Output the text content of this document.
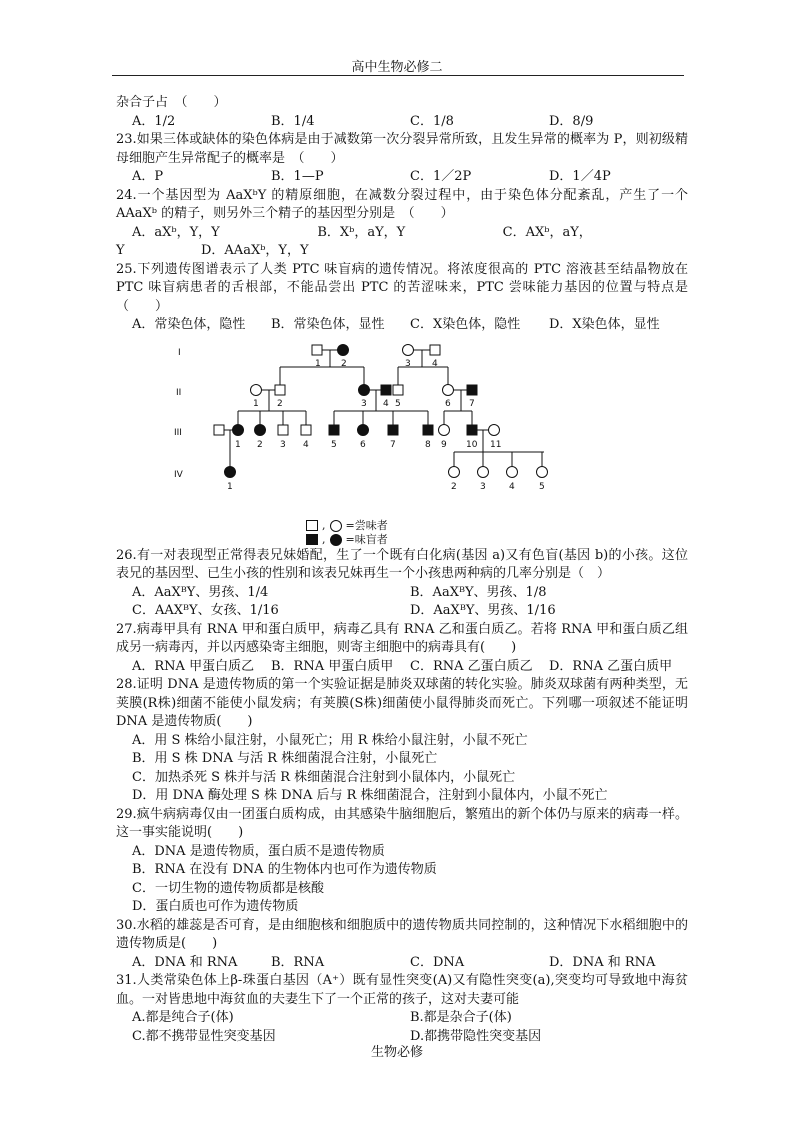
高中生物必修二

杂合子占　（　　）

A．1/2	B．1/4	C．1/8	D．8/9

23.如果三体或缺体的染色体病是由于减数第一次分裂异常所致，且发生异常的概率为 P，则初级精母细胞产生异常配子的概率是　（　　）

A．P	B．1—P	C．1／2P	D．1／4P

24.一个基因型为 AaXᵇY 的精原细胞，在减数分裂过程中，由于染色体分配紊乱，产生了一个 AAaXᵇ 的精子，则另外三个精子的基因型分别是　（　　）

A．aXᵇ，Y，Y	B．Xᵇ，aY，Y	C．AXᵇ，aY，
Y	D．AAaXᵇ，Y，Y

25.下列遗传图谱表示了人类 PTC 味盲病的遗传情况。将浓度很高的 PTC 溶液甚至结晶物放在 PTC 味盲病患者的舌根部，不能品尝出 PTC 的苦涩味来，PTC 尝味能力基因的位置与特点是（　　）

A．常染色体，隐性	B．常染色体，显性	C．X染色体，隐性	D．X染色体，显性
I
II
III
IV
1 2	3 4
1 2	3 4 5	6 7
1 2 3 4 5	6	7	8 9 10 11
1	2	3	4	5
, =尝味者
, =味盲者

26.有一对表现型正常得表兄妹婚配，生了一个既有白化病(基因 a)又有色盲(基因 b)的小孩。这位表兄的基因型、已生小孩的性别和该表兄妹再生一个小孩患两种病的几率分别是（　）

A．AaXᴮY、男孩、1/4	B．AaXᴮY、男孩、1/8
C．AAXᴮY、女孩、1/16	D．AaXᴮY、男孩、1/16

27.病毒甲具有 RNA 甲和蛋白质甲，病毒乙具有 RNA 乙和蛋白质乙。若将 RNA 甲和蛋白质乙组成另一病毒丙，并以丙感染寄主细胞，则寄主细胞中的病毒具有(　　)

A．RNA 甲蛋白质乙	B．RNA 甲蛋白质甲	C．RNA 乙蛋白质乙	D．RNA 乙蛋白质甲

28.证明 DNA 是遗传物质的第一个实验证据是肺炎双球菌的转化实验。肺炎双球菌有两种类型，无荚膜(R株)细菌不能使小鼠发病；有荚膜(S株)细菌使小鼠得肺炎而死亡。下列哪一项叙述不能证明 DNA 是遗传物质(　　)

A．用 S 株给小鼠注射，小鼠死亡；用 R 株给小鼠注射，小鼠不死亡

B．用 S 株 DNA 与活 R 株细菌混合注射，小鼠死亡

C．加热杀死 S 株并与活 R 株细菌混合注射到小鼠体内，小鼠死亡

D．用 DNA 酶处理 S 株 DNA 后与 R 株细菌混合，注射到小鼠体内，小鼠不死亡

29.疯牛病病毒仅由一团蛋白质构成，由其感染牛脑细胞后，繁殖出的新个体仍与原来的病毒一样。这一事实能说明(　　)

A．DNA 是遗传物质，蛋白质不是遗传物质

B．RNA 在没有 DNA 的生物体内也可作为遗传物质

C．一切生物的遗传物质都是核酸

D．蛋白质也可作为遗传物质

30.水稻的雄蕊是否可育，是由细胞核和细胞质中的遗传物质共同控制的，这种情况下水稻细胞中的遗传物质是(　　)

A．DNA 和 RNA	B．RNA	C．DNA	D．DNA 和 RNA

31.人类常染色体上β-珠蛋白基因（A⁺）既有显性突变(A)又有隐性突变(a),突变均可导致地中海贫血。一对皆患地中海贫血的夫妻生下了一个正常的孩子，这对夫妻可能

A.都是纯合子(体)	B.都是杂合子(体)
C.都不携带显性突变基因	D.都携带隐性突变基因
生物必修
